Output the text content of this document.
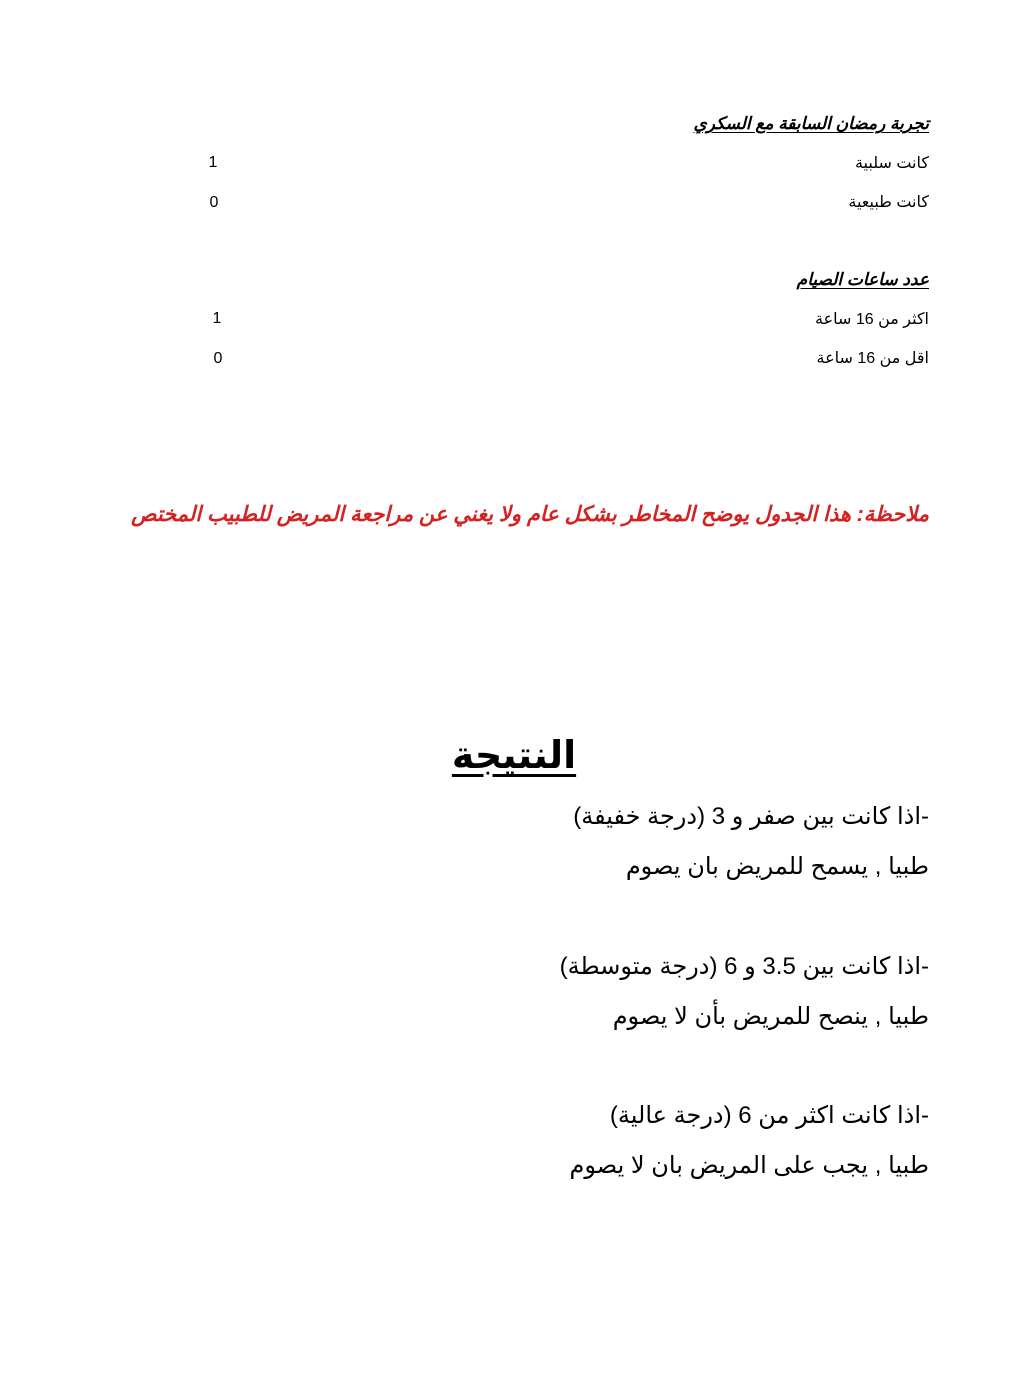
تجربة رمضان السابقة مع السكري
كانت سلبية
1
كانت طبيعية
0
عدد ساعات الصيام
اكثر من 16 ساعة
1
اقل من 16 ساعة
0
ملاحظة: هذا الجدول يوضح المخاطر بشكل عام ولا يغني عن مراجعة المريض للطبيب المختص
النتيجة
-اذا كانت بين صفر و 3 (درجة خفيفة)
طبيا , يسمح للمريض بان يصوم
-اذا كانت بين 3.5 و 6 (درجة متوسطة)
طبيا , ينصح للمريض بأن لا يصوم
-اذا كانت اكثر من 6 (درجة عالية)
طبيا , يجب على المريض بان لا يصوم
